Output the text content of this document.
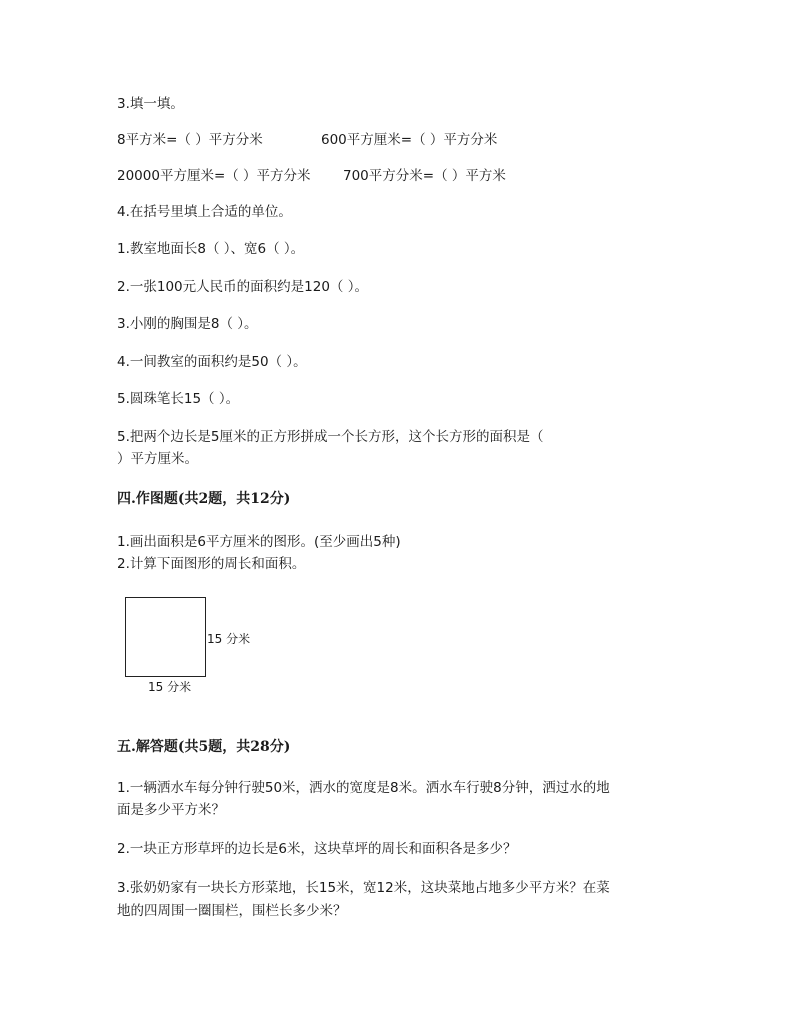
3.填一填。
8平方米=（ ）平方分米	600平方厘米=（ ）平方分米
20000平方厘米=（ ）平方分米 700平方分米=（ ）平方米
4.在括号里填上合适的单位。
1.教室地面长8（ ）、宽6（ ）。
2.一张100元人民币的面积约是120（ ）。
3.小刚的胸围是8（ ）。
4.一间教室的面积约是50（ ）。
5.圆珠笔长15（ ）。
5.把两个边长是5厘米的正方形拼成一个长方形，这个长方形的面积是（
）平方厘米。
四.作图题(共2题，共12分)
1.画出面积是6平方厘米的图形。(至少画出5种)
2.计算下面图形的周长和面积。
15 分米
15 分米
五.解答题(共5题，共28分)
1.一辆洒水车每分钟行驶50米，洒水的宽度是8米。洒水车行驶8分钟，洒过水的地
面是多少平方米？
2.一块正方形草坪的边长是6米，这块草坪的周长和面积各是多少？
3.张奶奶家有一块长方形菜地，长15米，宽12米，这块菜地占地多少平方米？在菜
地的四周围一圈围栏，围栏长多少米？
